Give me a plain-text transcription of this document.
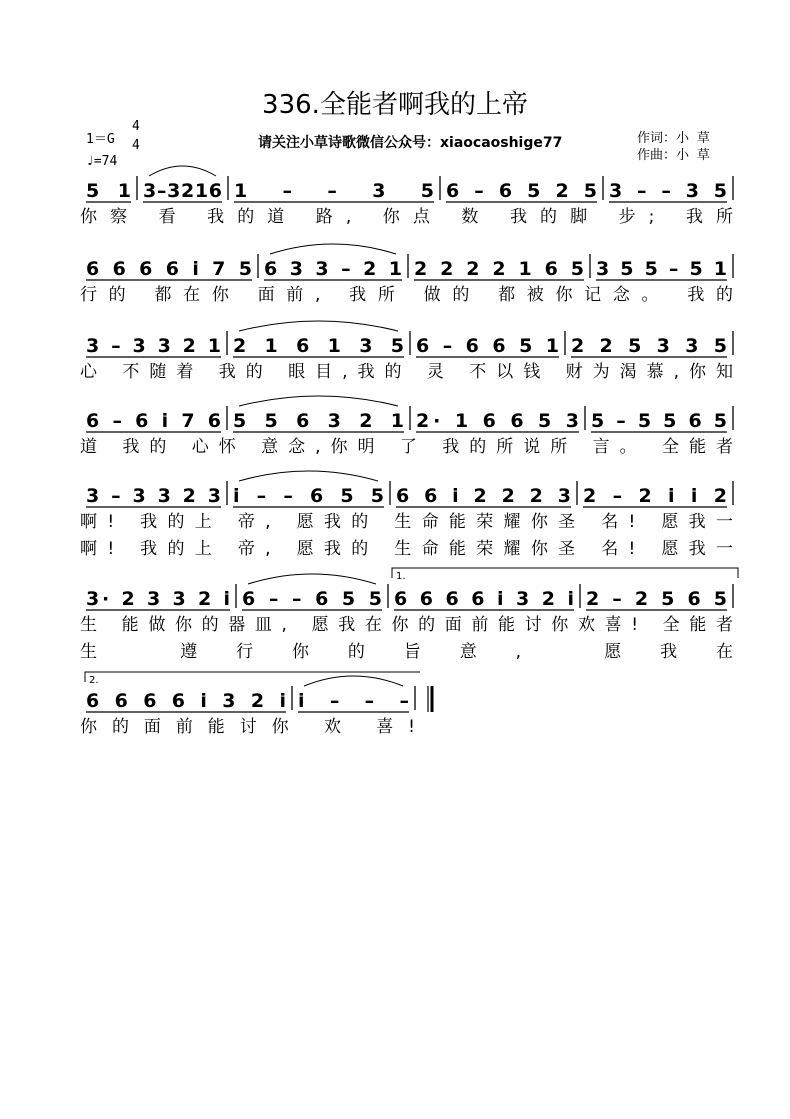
336.全能者啊我的上帝
1＝G
4
4
♩=74
请关注小草诗歌微信公众号：xiaocaoshige77	作词：小 草
作曲：小 草
5 1 3 – 3 2 1 6 1 – – 3 5 6 – 6 5 2 5 3 – – 3 5
你察 看 我的道 路, 你点 数 我的脚 步; 我所
6 6 6 6 i 7 5 6 3 3 – 2 1 2 2 2 2 1 6 5 3 5 5 – 5 1
行的 都在你 面前, 我所 做的 都被你记念。 我的
3 – 3 3 2 1 2 1 6 1 3 5 6 – 6 6 5 1 2 2 5 3 3 5
心 不随着 我的 眼目,我的 灵 不以钱 财为渴慕,你知
6 – 6 i 7 6 5 5 6 3 2 1 2· 1 6 6 5 3 5 – 5 5 6 5
道 我的 心怀 意念,你明 了 我的所说所 言。 全能者
3 – 3 3 2 3 i – – 6 5 5 6 6 i 2 2 2 3 2 – 2 i i 2
啊! 我的上 帝, 愿我的 生命能荣耀你圣 名! 愿我一
啊! 我的上 帝, 愿我的 生命能荣耀你圣 名! 愿我一
3· 2 3 3 2 i 6 – – 6 5 5 6 6 6 6 i 3 2 i 2 – 2 5 6 5
生 能做你的器皿, 愿我在你的面前能讨你欢喜! 全能者
生 遵行你的旨意, 愿我在
6 6 6 6 i 3 2 i i – – –
你的面前能讨你 欢 喜!
1.
2.
